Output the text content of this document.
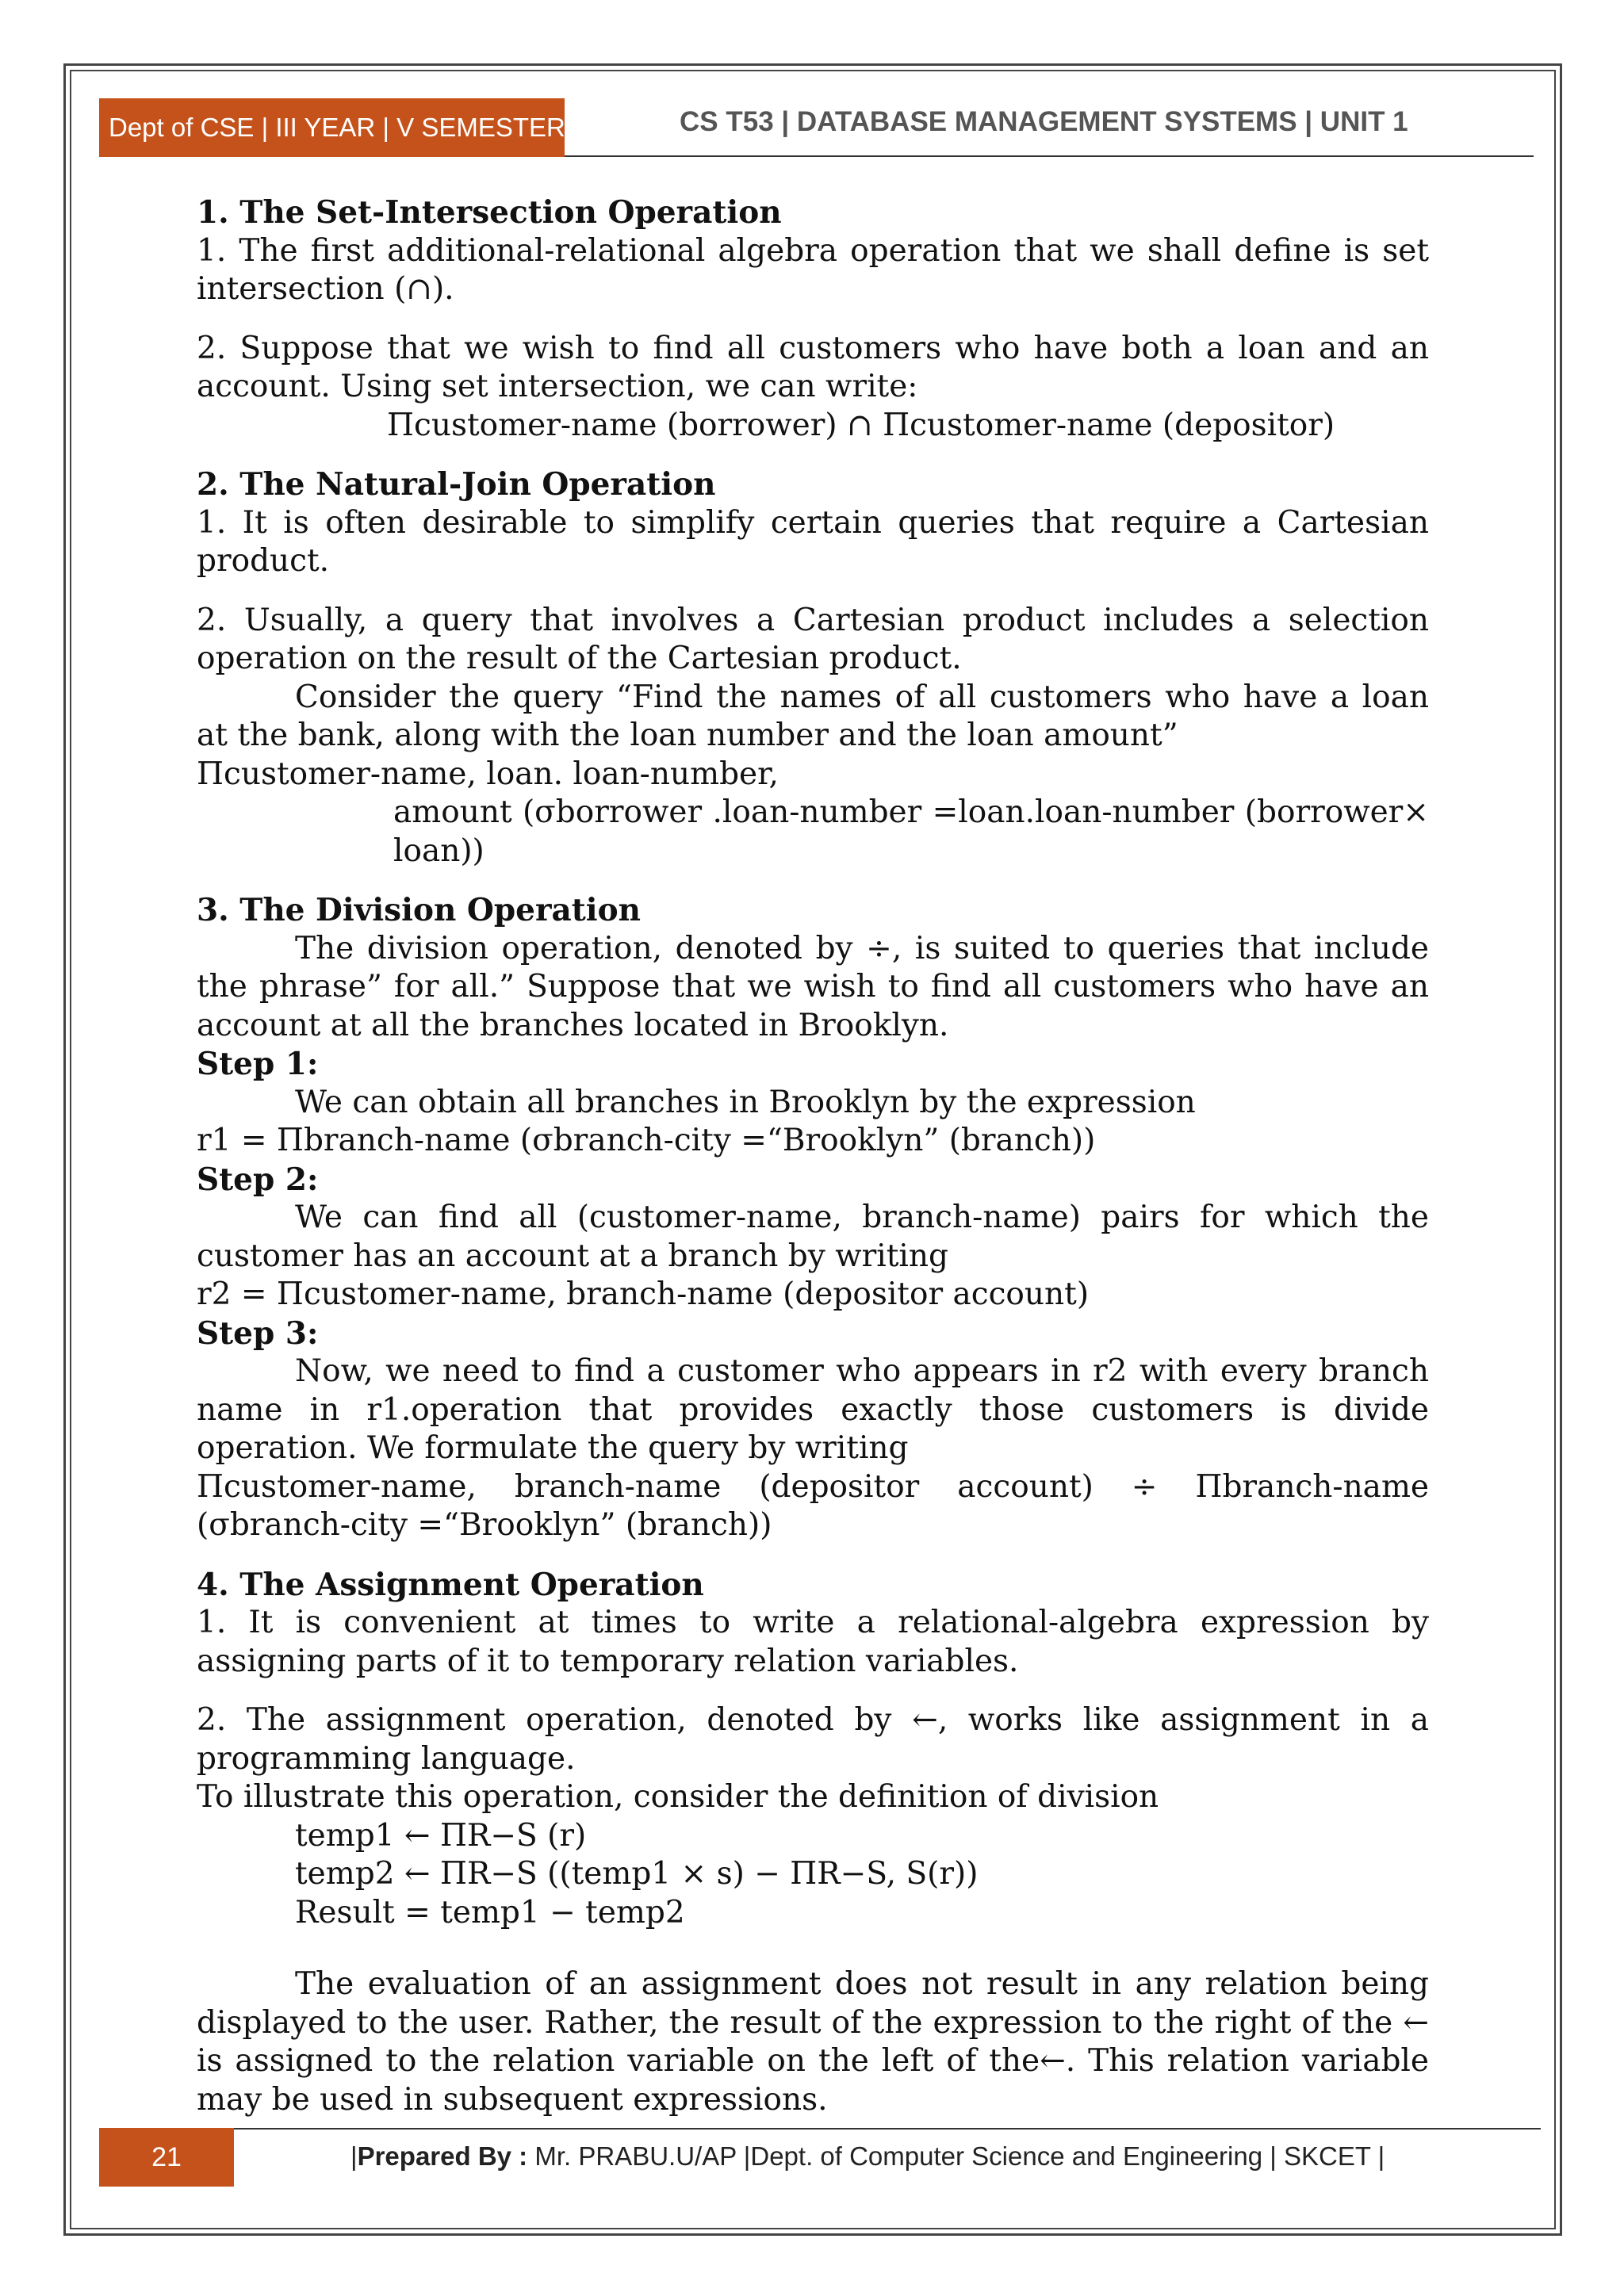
Dept of CSE | III YEAR | V SEMESTER	CS T53 | DATABASE MANAGEMENT SYSTEMS | UNIT 1

1. The Set-Intersection Operation

1. The first additional-relational algebra operation that we shall define is set intersection (∩).

2. Suppose that we wish to find all customers who have both a loan and an account. Using set intersection, we can write:

Πcustomer-name (borrower) ∩ Πcustomer-name (depositor)

2. The Natural-Join Operation

1. It is often desirable to simplify certain queries that require a Cartesian product.

2. Usually, a query that involves a Cartesian product includes a selection operation on the result of the Cartesian product.

Consider the query “Find the names of all customers who have a loan at the bank, along with the loan number and the loan amount”

Πcustomer-name, loan. loan-number,

amount (σborrower .loan-number =loan.loan-number (borrower× loan))

3. The Division Operation

The division operation, denoted by ÷, is suited to queries that include the phrase” for all.” Suppose that we wish to find all customers who have an account at all the branches located in Brooklyn.

Step 1:

We can obtain all branches in Brooklyn by the expression

r1 = Πbranch-name (σbranch-city =“Brooklyn” (branch))

Step 2:

We can find all (customer-name, branch-name) pairs for which the customer has an account at a branch by writing

r2 = Πcustomer-name, branch-name (depositor account)

Step 3:

Now, we need to find a customer who appears in r2 with every branch name in r1.operation that provides exactly those customers is divide operation. We formulate the query by writing

Πcustomer-name, branch-name (depositor account) ÷ Πbranch-name (σbranch-city =“Brooklyn” (branch))

4. The Assignment Operation

1. It is convenient at times to write a relational-algebra expression by assigning parts of it to temporary relation variables.

2. The assignment operation, denoted by ←, works like assignment in a programming language.

To illustrate this operation, consider the definition of division

temp1 ← ΠR−S (r)

temp2 ← ΠR−S ((temp1 × s) − ΠR−S, S(r))

Result = temp1 − temp2

The evaluation of an assignment does not result in any relation being displayed to the user. Rather, the result of the expression to the right of the ← is assigned to the relation variable on the left of the←. This relation variable may be used in subsequent expressions.

21	|Prepared By : Mr. PRABU.U/AP |Dept. of Computer Science and Engineering | SKCET |
